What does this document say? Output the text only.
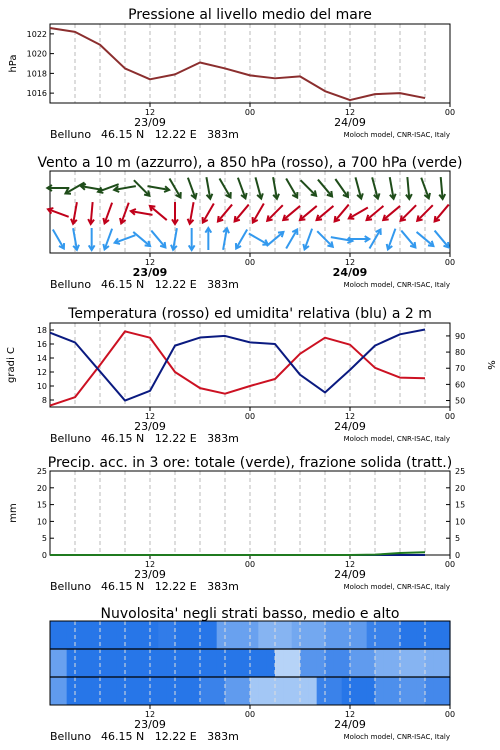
Pressione al livello medio del mare
12	00	12	00
23/09	24/09
Belluno 46.15 N   12.22 E   383m	Moloch model, CNR-ISAC, Italy
1016
1018
1020
1022
hPa
Vento a 10 m (azzurro), a 850 hPa (rosso), a 700 hPa (verde)
12	00	12	00
23/09	24/09
Belluno 46.15 N   12.22 E   383m	Moloch model, CNR-ISAC, Italy
Temperatura (rosso) ed umidita' relativa (blu) a 2 m
12	00	12	00
23/09	24/09
Belluno 46.15 N   12.22 E   383m	Moloch model, CNR-ISAC, Italy
8
10
12
14
16
18
50
60
70
80
90
gradi C	%
Precip. acc. in 3 ore: totale (verde), frazione solida (tratt.)
12	00	12	00
23/09	24/09
Belluno 46.15 N   12.22 E   383m	Moloch model, CNR-ISAC, Italy
0
5
10
15
20
25
0
5
10
15
20
25
mm
Nuvolosita' negli strati basso, medio e alto
12	00	12	00
23/09	24/09
Belluno 46.15 N   12.22 E   383m	Moloch model, CNR-ISAC, Italy
